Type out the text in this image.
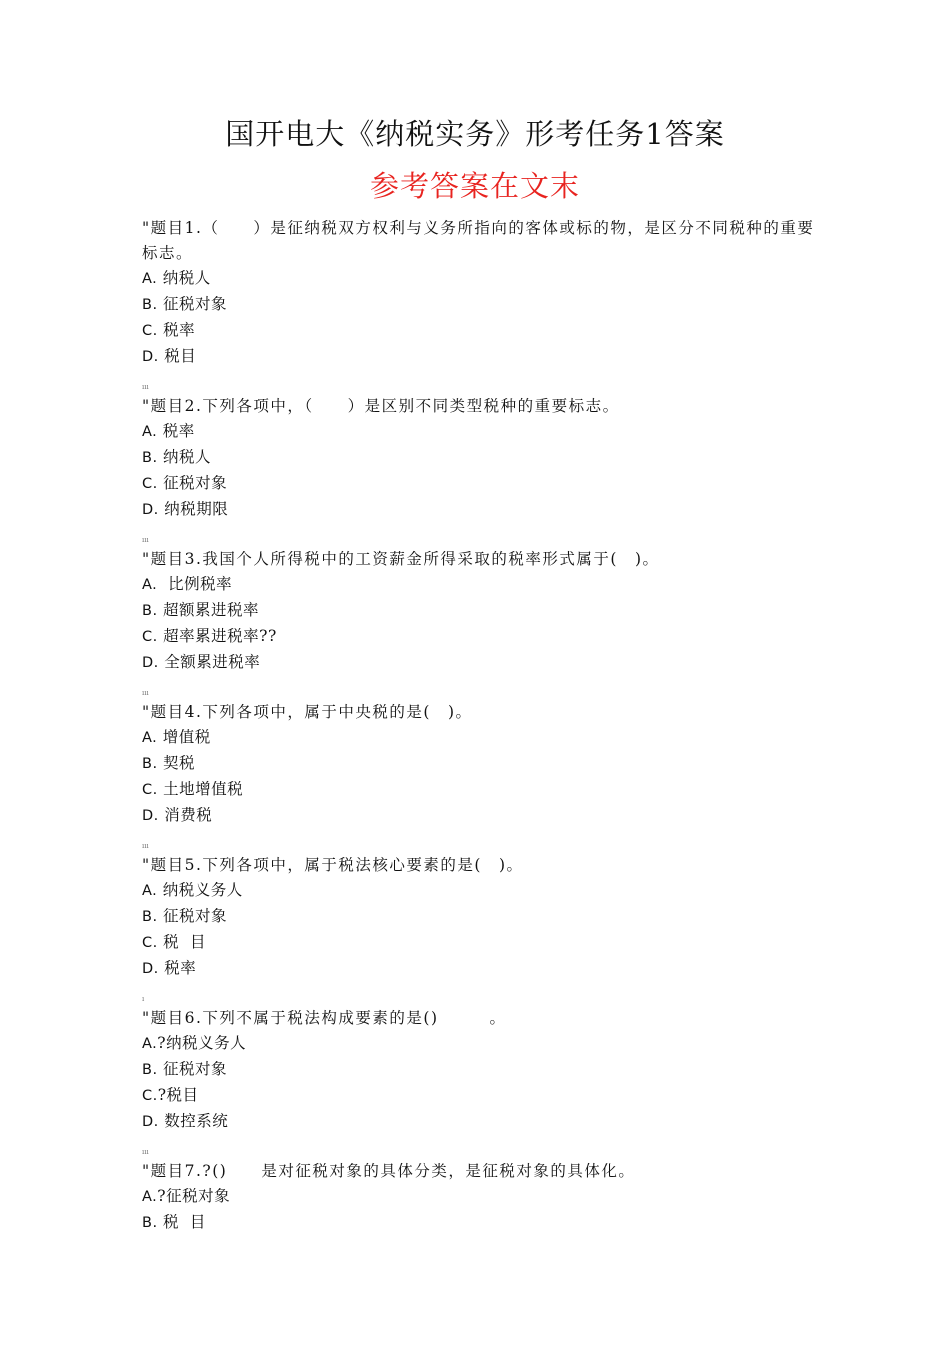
国开电大《纳税实务》形考任务1答案
参考答案在文末
"题目1.（　　）是征纳税双方权利与义务所指向的客体或标的物，是区分不同税种的重要标志。
A. 纳税人
B. 征税对象
C. 税率
D. 税目
ııı
"题目2.下列各项中，（　　）是区别不同类型税种的重要标志。
A. 税率
B. 纳税人
C. 征税对象
D. 纳税期限
ııı
"题目3.我国个人所得税中的工资薪金所得采取的税率形式属于(　)。
A.  比例税率
B. 超额累进税率
C. 超率累进税率??
D. 全额累进税率
ııı
"题目4.下列各项中，属于中央税的是(　)。
A. 增值税
B. 契税
C. 土地增值税
D. 消费税
ııı
"题目5.下列各项中，属于税法核心要素的是(　)。
A. 纳税义务人
B. 征税对象
C. 税  目
D. 税率
ı
"题目6.下列不属于税法构成要素的是()　　　。
A.?纳税义务人
B. 征税对象
C.?税目
D. 数控系统
ııı
"题目7.?()　　是对征税对象的具体分类，是征税对象的具体化。
A.?征税对象
B. 税  目
